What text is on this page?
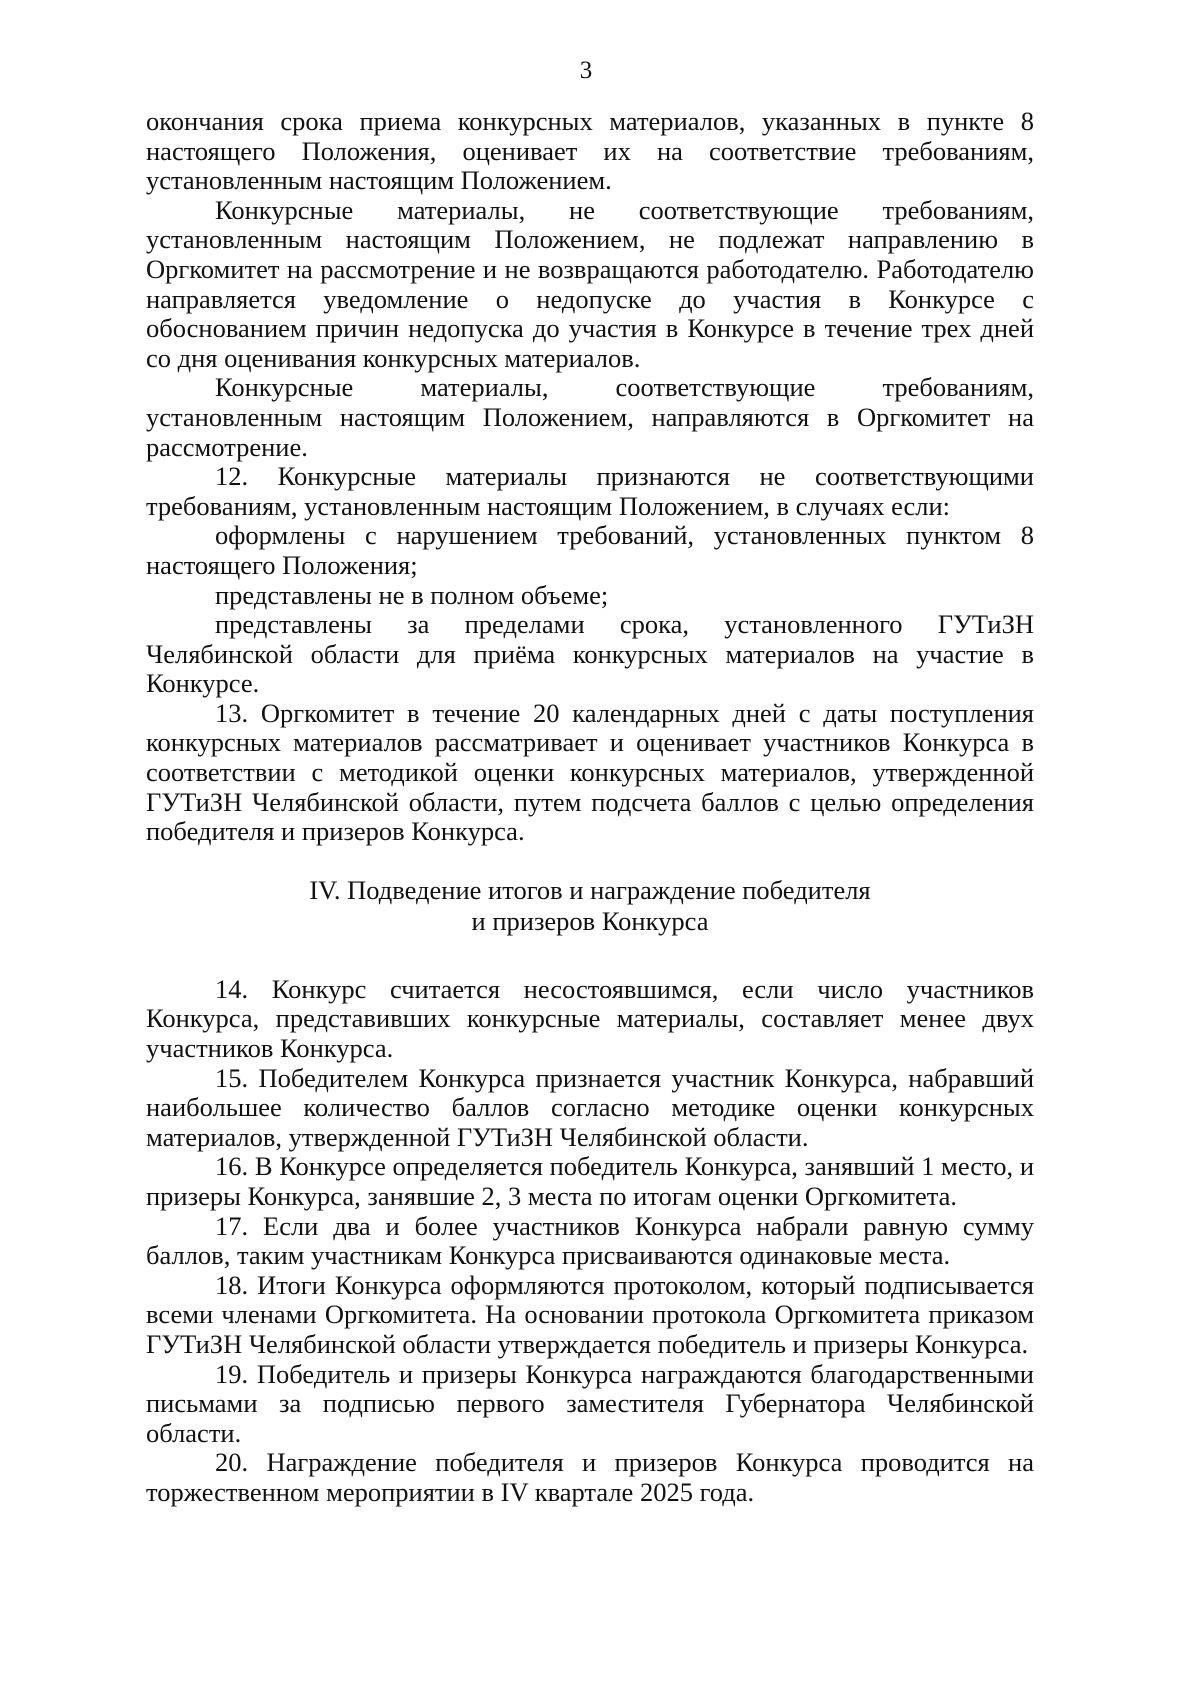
3

окончания срока приема конкурсных материалов, указанных в пункте 8 настоящего Положения, оценивает их на соответствие требованиям, установленным настоящим Положением.

Конкурсные материалы, не соответствующие требованиям, установленным настоящим Положением, не подлежат направлению в Оргкомитет на рассмотрение и не возвращаются работодателю. Работодателю направляется уведомление о недопуске до участия в Конкурсе с обоснованием причин недопуска до участия в Конкурсе в течение трех дней со дня оценивания конкурсных материалов.

Конкурсные материалы, соответствующие требованиям, установленным настоящим Положением, направляются в Оргкомитет на рассмотрение.

12. Конкурсные материалы признаются не соответствующими требованиям, установленным настоящим Положением, в случаях если:

оформлены с нарушением требований, установленных пунктом 8 настоящего Положения;

представлены не в полном объеме;

представлены за пределами срока, установленного ГУТиЗН Челябинской области для приёма конкурсных материалов на участие в Конкурсе.

13. Оргкомитет в течение 20 календарных дней с даты поступления конкурсных материалов рассматривает и оценивает участников Конкурса в соответствии с методикой оценки конкурсных материалов, утвержденной ГУТиЗН Челябинской области, путем подсчета баллов с целью определения победителя и призеров Конкурса.

IV. Подведение итогов и награждение победителя
и призеров Конкурса

14. Конкурс считается несостоявшимся, если число участников Конкурса, представивших конкурсные материалы, составляет менее двух участников Конкурса.

15. Победителем Конкурса признается участник Конкурса, набравший наибольшее количество баллов согласно методике оценки конкурсных материалов, утвержденной ГУТиЗН Челябинской области.

16. В Конкурсе определяется победитель Конкурса, занявший 1 место, и призеры Конкурса, занявшие 2, 3 места по итогам оценки Оргкомитета.

17. Если два и более участников Конкурса набрали равную сумму баллов, таким участникам Конкурса присваиваются одинаковые места.

18. Итоги Конкурса оформляются протоколом, который подписывается всеми членами Оргкомитета. На основании протокола Оргкомитета приказом ГУТиЗН Челябинской области утверждается победитель и призеры Конкурса.

19. Победитель и призеры Конкурса награждаются благодарственными письмами за подписью первого заместителя Губернатора Челябинской области.

20. Награждение победителя и призеров Конкурса проводится на торжественном мероприятии в IV квартале 2025 года.
